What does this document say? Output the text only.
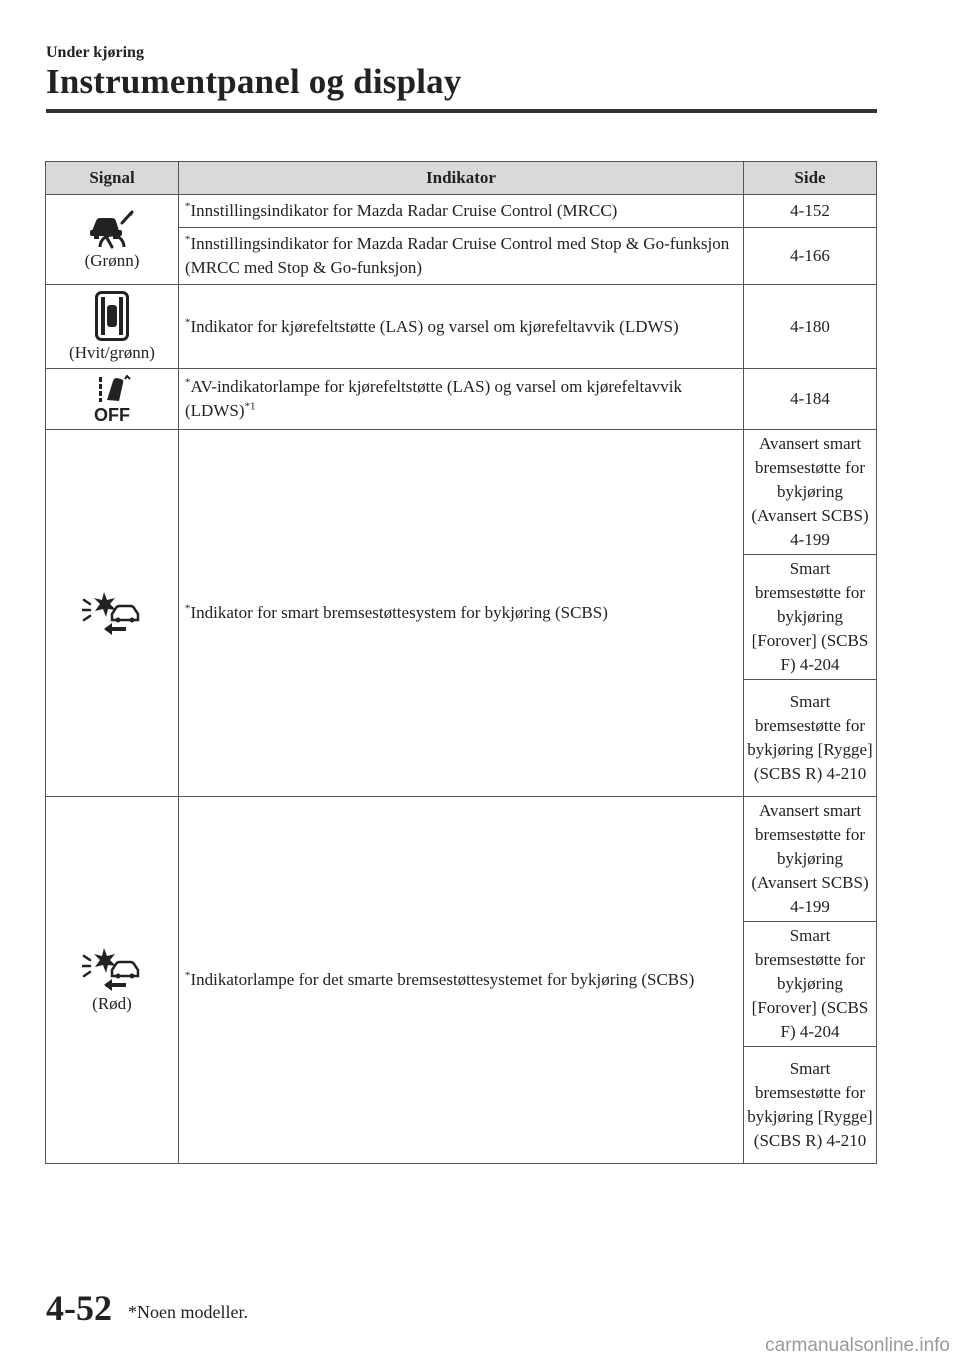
Under kjøring
Instrumentpanel og display
Signal	Indikator	Side

(Grønn)	*Innstillingsindikator for Mazda Radar Cruise Control (MRCC)	4-152
	*Innstillingsindikator for Mazda Radar Cruise Control med Stop & Go-funksjon (MRCC med Stop & Go-funksjon)	4-166

(Hvit/grønn)	*Indikator for kjørefeltstøtte (LAS) og varsel om kjørefeltavvik (LDWS)	4-180

OFF	*AV-indikatorlampe for kjørefeltstøtte (LAS) og varsel om kjørefeltavvik (LDWS)$^{*1}$	4-184

	*Indikator for smart bremsestøttesystem for bykjøring (SCBS)	Avansert smart bremsestøtte for bykjøring (Avansert SCBS) 4-199
		Smart bremsestøtte for bykjøring [Forover] (SCBS F) 4-204
		Smart bremsestøtte for bykjøring [Rygge] (SCBS R) 4-210

(Rød)	*Indikatorlampe for det smarte bremsestøttesystemet for bykjøring (SCBS)	Avansert smart bremsestøtte for bykjøring (Avansert SCBS) 4-199
		Smart bremsestøtte for bykjøring [Forover] (SCBS F) 4-204
		Smart bremsestøtte for bykjøring [Rygge] (SCBS R) 4-210
4-52 *Noen modeller.
carmanualsonline.info
